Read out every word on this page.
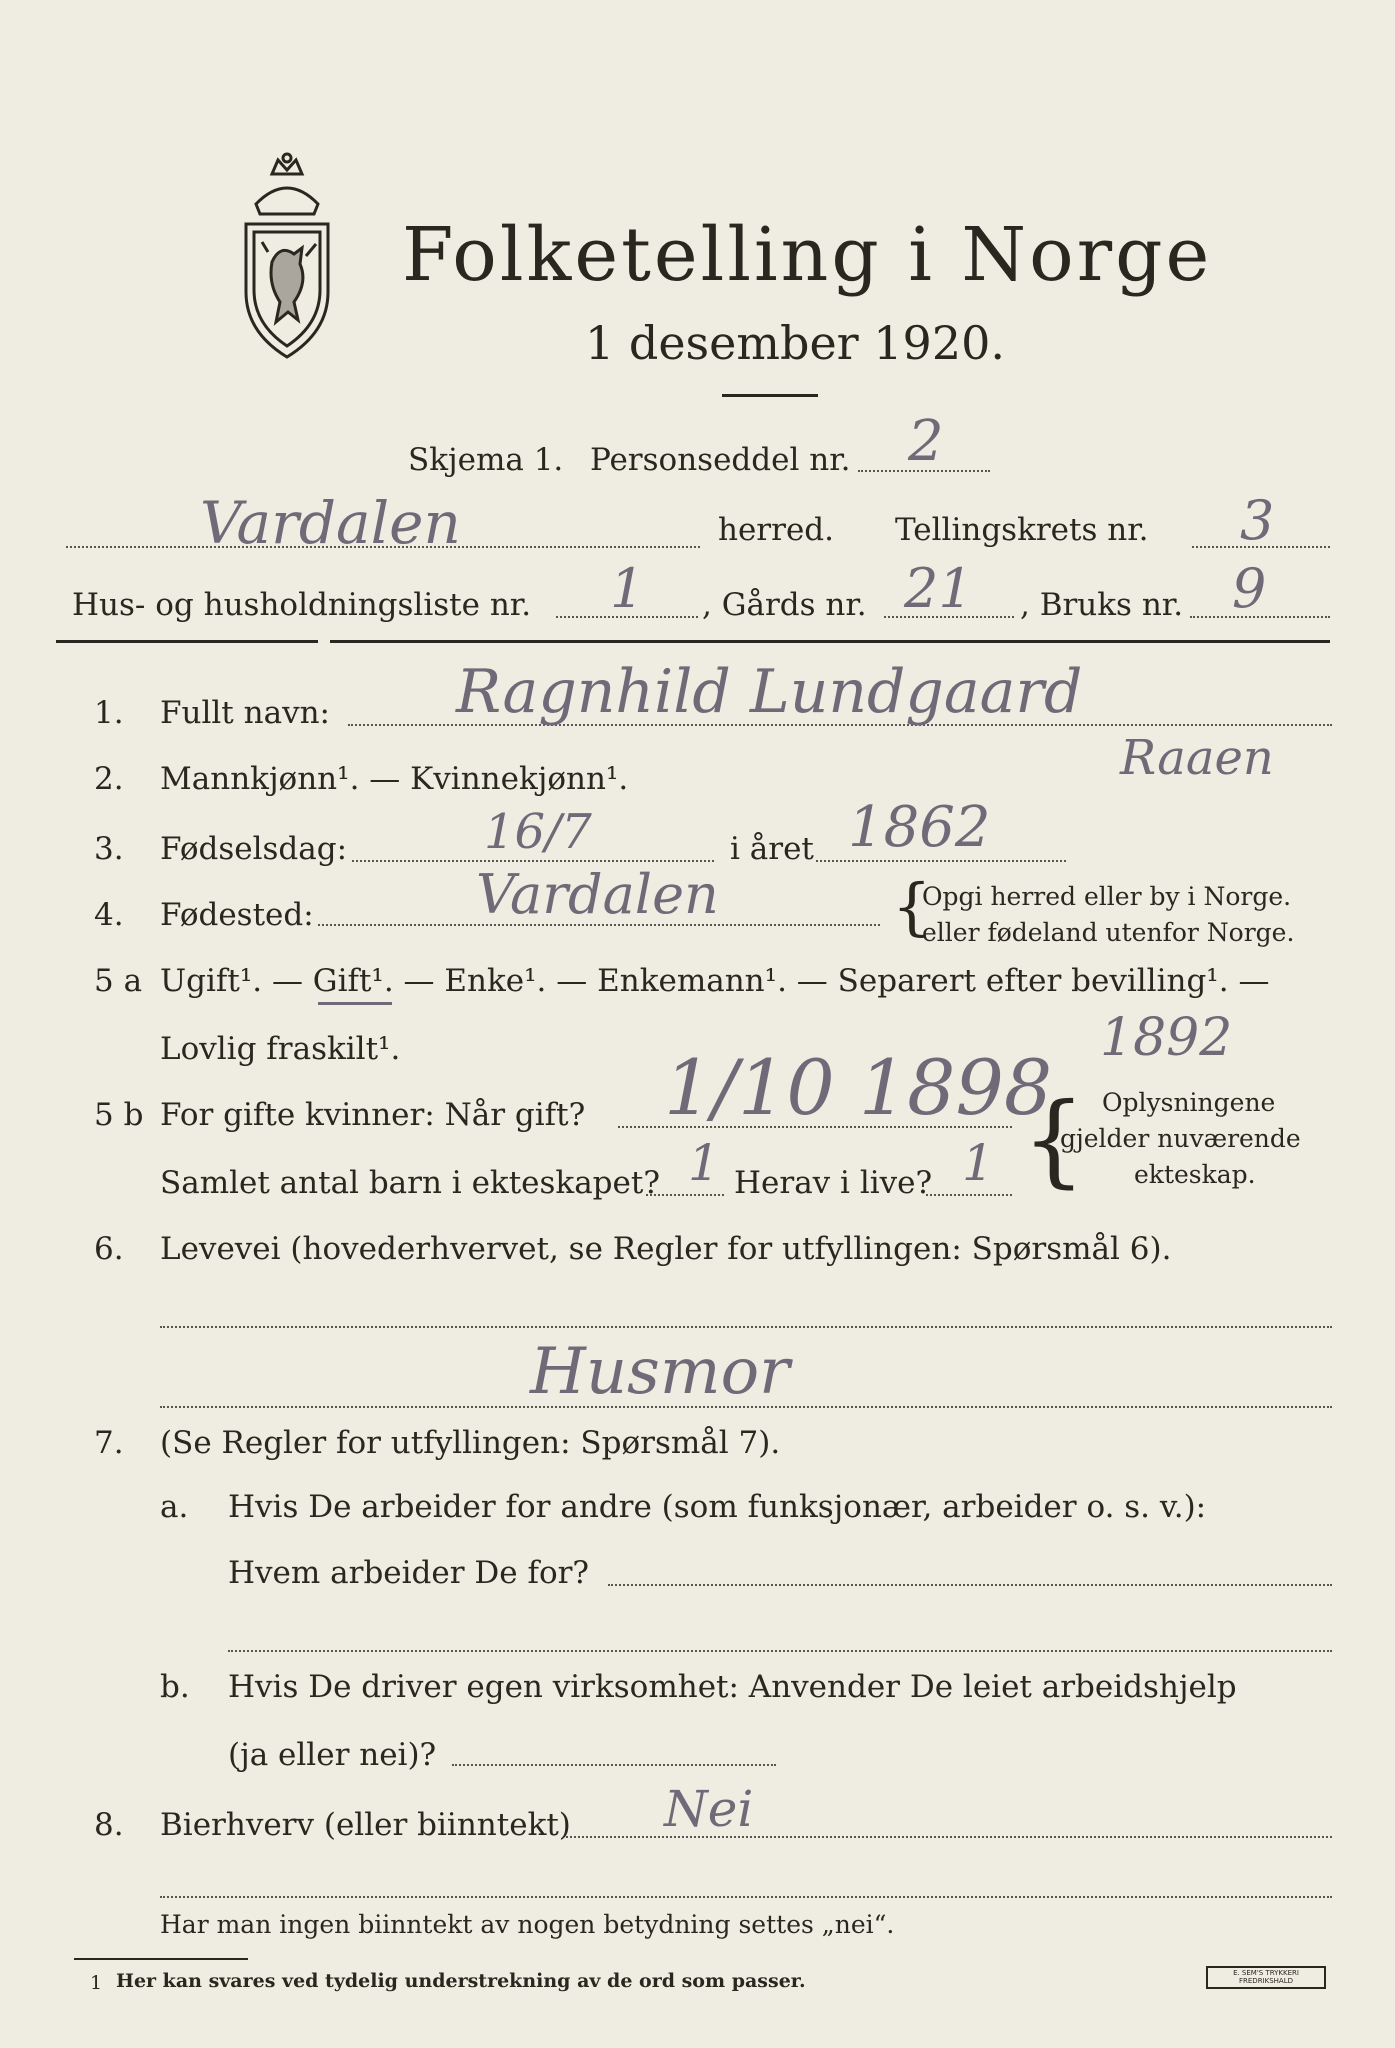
Folketelling i Norge
1 desember 1920.
Skjema 1. Personseddel nr. 2
Vardalen	herred. Tellingskrets nr. 3
Hus- og husholdningsliste nr. 1 , Gårds nr. 21 , Bruks nr. 9
1. Fullt navn: Ragnhild Lundgaard
Raaen
2. Mannkjønn¹. — Kvinnekjønn¹.
3. Fødselsdag:	16/7	i året 1862
4. Fødested:	Vardalen	{
Opgi herred eller by i Norge.
eller fødeland utenfor Norge.
5 a Ugift¹. — Gift¹. — Enke¹. — Enkemann¹. — Separert efter bevilling¹. —
Lovlig fraskilt¹.	1892
5 b For gifte kvinner: Når gift? 1/10 1898
Samlet antal barn i ekteskapet? 1 Herav i live? 1 { Oplysningene
gjelder nuværende
ekteskap.
6. Levevei (hovederhvervet, se Regler for utfyllingen: Spørsmål 6).
Husmor
7. (Se Regler for utfyllingen: Spørsmål 7).
a. Hvis De arbeider for andre (som funksjonær, arbeider o. s. v.):
Hvem arbeider De for?
b. Hvis De driver egen virksomhet: Anvender De leiet arbeidshjelp
(ja eller nei)?
8. Bierhverv (eller biinntekt) Nei
Har man ingen biinntekt av nogen betydning settes „nei“.
1 Her kan svares ved tydelig understrekning av de ord som passer.	E. SEM'S TRYKKERI FREDRIKSHALD
